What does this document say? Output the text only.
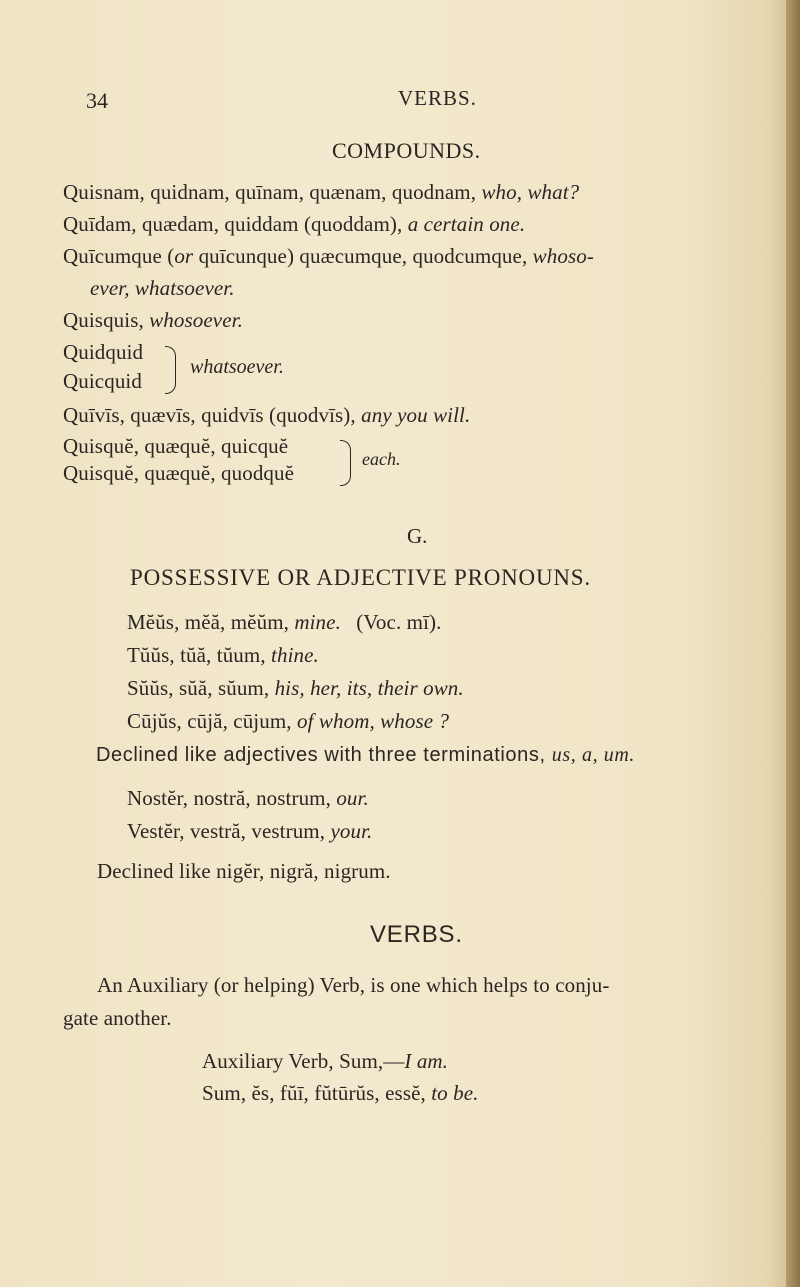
34	VERBS.
COMPOUNDS.
Quisnam, quidnam, quīnam, quænam, quodnam, who, what?
Quīdam, quædam, quiddam (quoddam), a certain one.
Quīcumque (or quīcunque) quæcumque, quodcumque, whoso-
ever, whatsoever.
Quisquis, whosoever.
Quidquid
Quicquid
whatsoever.
Quīvīs, quævīs, quidvīs (quodvīs), any you will.
Quisquĕ, quæquĕ, quicquĕ
Quisquĕ, quæquĕ, quodquĕ
each.
G.
POSSESSIVE OR ADJECTIVE PRONOUNS.
Mĕŭs, mĕă, mĕŭm, mine. (Voc. mī).
Tŭŭs, tŭă, tŭum, thine.
Sŭŭs, sŭă, sŭum, his, her, its, their own.
Cūjŭs, cūjă, cūjum, of whom, whose ?
Declined like adjectives with three terminations, us, a, um.
Nostĕr, nostră, nostrum, our.
Vestĕr, vestră, vestrum, your.
Declined like nigĕr, nigră, nigrum.
VERBS.
An Auxiliary (or helping) Verb, is one which helps to conju-
gate another.
Auxiliary Verb, Sum,—I am.
Sum, ĕs, fŭī, fŭtūrŭs, essĕ, to be.
